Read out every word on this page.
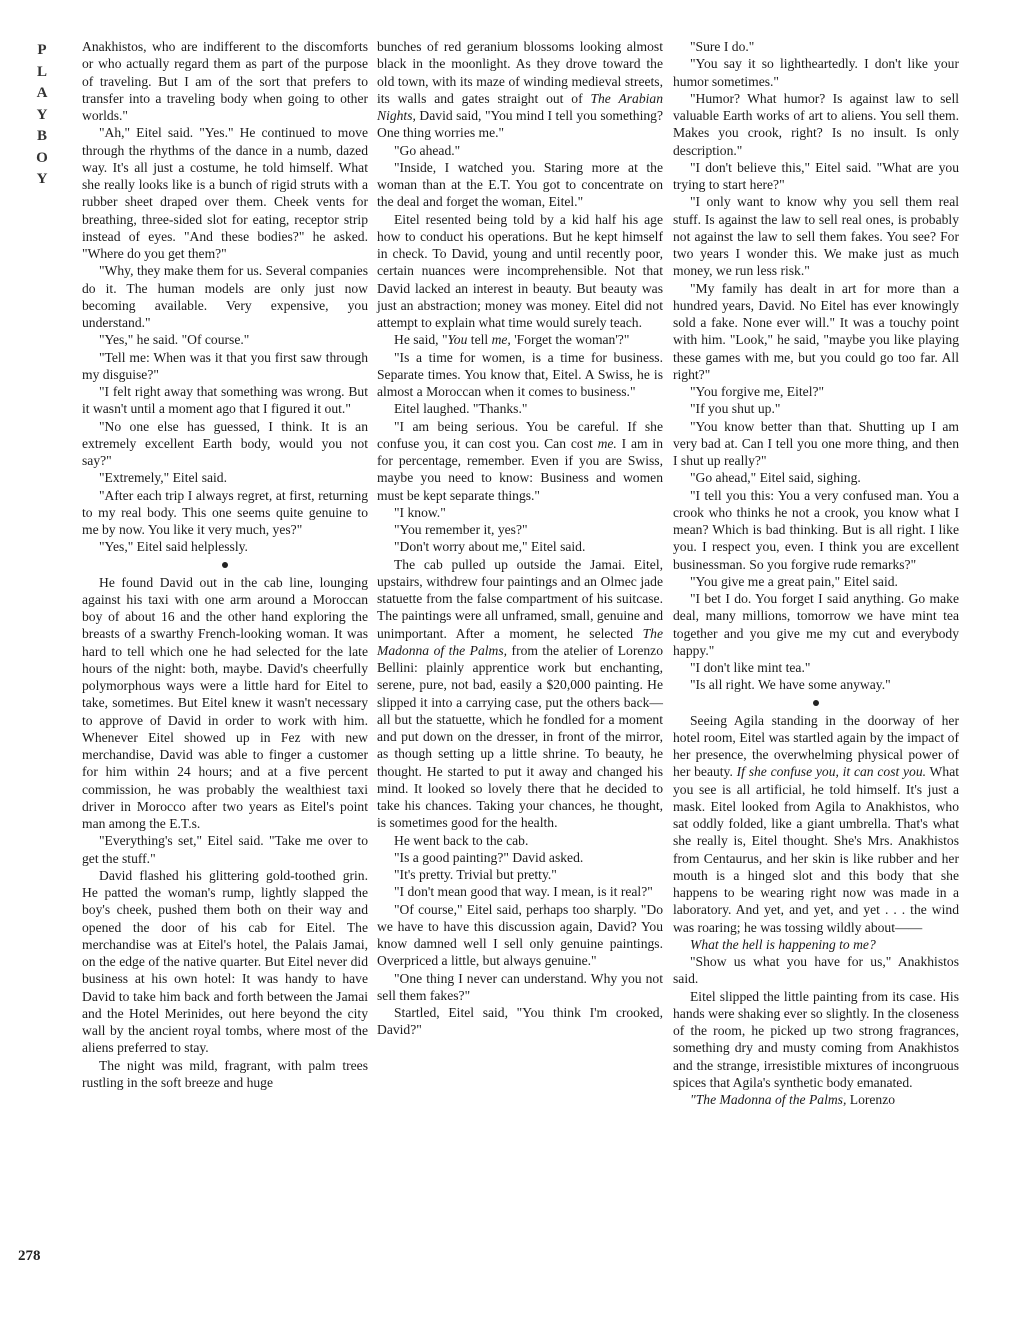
P
L
A
Y
B
O
Y
278

Anakhistos, who are indifferent to the discomforts or who actually regard them as part of the purpose of traveling. But I am of the sort that prefers to transfer into a traveling body when going to other worlds."

"Ah," Eitel said. "Yes." He continued to move through the rhythms of the dance in a numb, dazed way. It's all just a costume, he told himself. What she really looks like is a bunch of rigid struts with a rubber sheet draped over them. Cheek vents for breathing, three-sided slot for eating, receptor strip instead of eyes. "And these bodies?" he asked. "Where do you get them?"

"Why, they make them for us. Several companies do it. The human models are only just now becoming available. Very expensive, you understand."

"Yes," he said. "Of course."

"Tell me: When was it that you first saw through my disguise?"

"I felt right away that something was wrong. But it wasn't until a moment ago that I figured it out."

"No one else has guessed, I think. It is an extremely excellent Earth body, would you not say?"

"Extremely," Eitel said.

"After each trip I always regret, at first, returning to my real body. This one seems quite genuine to me by now. You like it very much, yes?"

"Yes," Eitel said helplessly.

He found David out in the cab line, lounging against his taxi with one arm around a Moroccan boy of about 16 and the other hand exploring the breasts of a swarthy French-looking woman. It was hard to tell which one he had selected for the late hours of the night: both, maybe. David's cheerfully polymorphous ways were a little hard for Eitel to take, sometimes. But Eitel knew it wasn't necessary to approve of David in order to work with him. Whenever Eitel showed up in Fez with new merchandise, David was able to finger a customer for him within 24 hours; and at a five percent commission, he was probably the wealthiest taxi driver in Morocco after two years as Eitel's point man among the E.T.s.

"Everything's set," Eitel said. "Take me over to get the stuff."

David flashed his glittering gold-toothed grin. He patted the woman's rump, lightly slapped the boy's cheek, pushed them both on their way and opened the door of his cab for Eitel. The merchandise was at Eitel's hotel, the Palais Jamai, on the edge of the native quarter. But Eitel never did business at his own hotel: It was handy to have David to take him back and forth between the Jamai and the Hotel Merinides, out here beyond the city wall by the ancient royal tombs, where most of the aliens preferred to stay.

The night was mild, fragrant, with palm trees rustling in the soft breeze and huge

bunches of red geranium blossoms looking almost black in the moonlight. As they drove toward the old town, with its maze of winding medieval streets, its walls and gates straight out of The Arabian Nights, David said, "You mind I tell you something? One thing worries me."

"Go ahead."

"Inside, I watched you. Staring more at the woman than at the E.T. You got to concentrate on the deal and forget the woman, Eitel."

Eitel resented being told by a kid half his age how to conduct his operations. But he kept himself in check. To David, young and until recently poor, certain nuances were incomprehensible. Not that David lacked an interest in beauty. But beauty was just an abstraction; money was money. Eitel did not attempt to explain what time would surely teach.

He said, "You tell me, 'Forget the woman'?"

"Is a time for women, is a time for business. Separate times. You know that, Eitel. A Swiss, he is almost a Moroccan when it comes to business."

Eitel laughed. "Thanks."

"I am being serious. You be careful. If she confuse you, it can cost you. Can cost me. I am in for percentage, remember. Even if you are Swiss, maybe you need to know: Business and women must be kept separate things."

"I know."

"You remember it, yes?"

"Don't worry about me," Eitel said.

The cab pulled up outside the Jamai. Eitel, upstairs, withdrew four paintings and an Olmec jade statuette from the false compartment of his suitcase. The paintings were all unframed, small, genuine and unimportant. After a moment, he selected The Madonna of the Palms, from the atelier of Lorenzo Bellini: plainly apprentice work but enchanting, serene, pure, not bad, easily a $20,000 painting. He slipped it into a carrying case, put the others back—all but the statuette, which he fondled for a moment and put down on the dresser, in front of the mirror, as though setting up a little shrine. To beauty, he thought. He started to put it away and changed his mind. It looked so lovely there that he decided to take his chances. Taking your chances, he thought, is sometimes good for the health.

He went back to the cab.

"Is a good painting?" David asked.

"It's pretty. Trivial but pretty."

"I don't mean good that way. I mean, is it real?"

"Of course," Eitel said, perhaps too sharply. "Do we have to have this discussion again, David? You know damned well I sell only genuine paintings. Overpriced a little, but always genuine."

"One thing I never can understand. Why you not sell them fakes?"

Startled, Eitel said, "You think I'm crooked, David?"

"Sure I do."

"You say it so lightheartedly. I don't like your humor sometimes."

"Humor? What humor? Is against law to sell valuable Earth works of art to aliens. You sell them. Makes you crook, right? Is no insult. Is only description."

"I don't believe this," Eitel said. "What are you trying to start here?"

"I only want to know why you sell them real stuff. Is against the law to sell real ones, is probably not against the law to sell them fakes. You see? For two years I wonder this. We make just as much money, we run less risk."

"My family has dealt in art for more than a hundred years, David. No Eitel has ever knowingly sold a fake. None ever will." It was a touchy point with him. "Look," he said, "maybe you like playing these games with me, but you could go too far. All right?"

"You forgive me, Eitel?"

"If you shut up."

"You know better than that. Shutting up I am very bad at. Can I tell you one more thing, and then I shut up really?"

"Go ahead," Eitel said, sighing.

"I tell you this: You a very confused man. You a crook who thinks he not a crook, you know what I mean? Which is bad thinking. But is all right. I like you. I respect you, even. I think you are excellent businessman. So you forgive rude remarks?"

"You give me a great pain," Eitel said.

"I bet I do. You forget I said anything. Go make deal, many millions, tomorrow we have mint tea together and you give me my cut and everybody happy."

"I don't like mint tea."

"Is all right. We have some anyway."

Seeing Agila standing in the doorway of her hotel room, Eitel was startled again by the impact of her presence, the overwhelming physical power of her beauty. If she confuse you, it can cost you. What you see is all artificial, he told himself. It's just a mask. Eitel looked from Agila to Anakhistos, who sat oddly folded, like a giant umbrella. That's what she really is, Eitel thought. She's Mrs. Anakhistos from Centaurus, and her skin is like rubber and her mouth is a hinged slot and this body that she happens to be wearing right now was made in a laboratory. And yet, and yet, and yet . . . the wind was roaring; he was tossing wildly about——

What the hell is happening to me?

"Show us what you have for us," Anakhistos said.

Eitel slipped the little painting from its case. His hands were shaking ever so slightly. In the closeness of the room, he picked up two strong fragrances, something dry and musty coming from Anakhistos and the strange, irresistible mixtures of incongruous spices that Agila's synthetic body emanated.

"The Madonna of the Palms, Lorenzo
